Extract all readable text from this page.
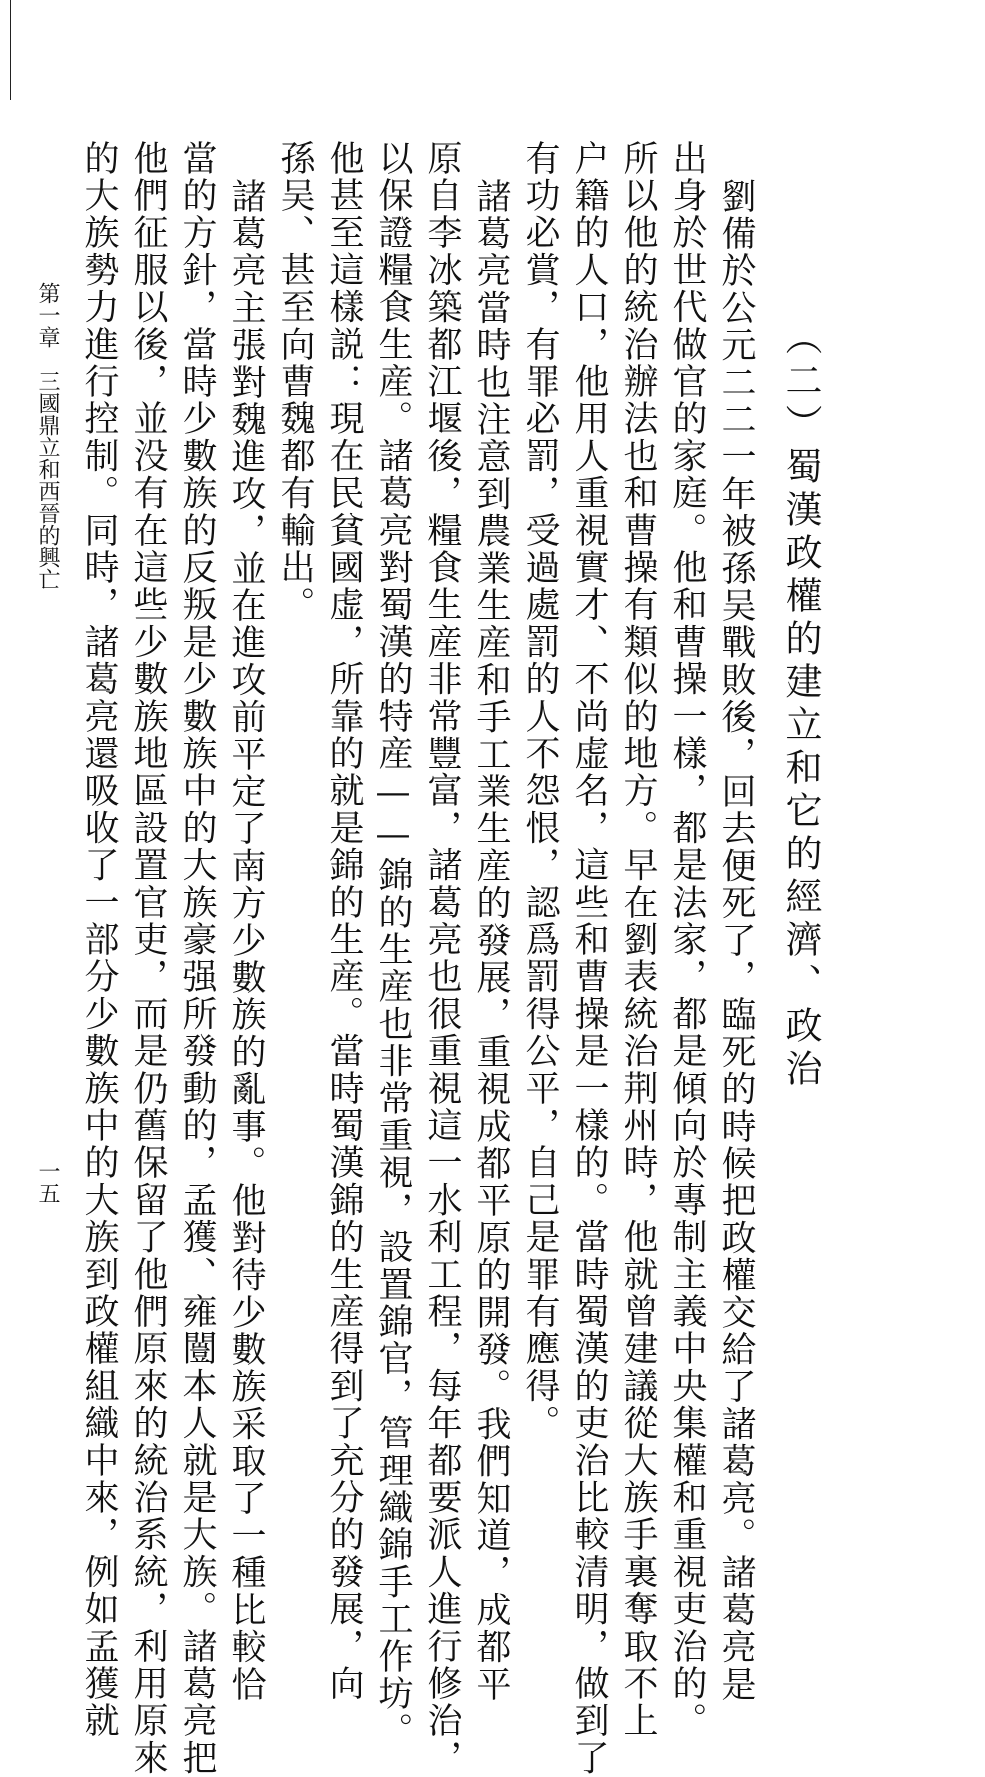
（二）蜀漢政權的建立和它的經濟、政治
劉備於公元二二一年被孫吴戰敗後，回去便死了，臨死的時候把政權交給了諸葛亮。諸葛亮是
出身於世代做官的家庭。他和曹操一樣，都是法家，都是傾向於專制主義中央集權和重視吏治的。
所以他的統治辦法也和曹操有類似的地方。早在劉表統治荆州時，他就曾建議從大族手裏奪取不上
户籍的人口，他用人重視實才、不尚虚名，這些和曹操是一樣的。當時蜀漢的吏治比較清明，做到了
有功必賞，有罪必罰，受過處罰的人不怨恨，認爲罰得公平，自己是罪有應得。
諸葛亮當時也注意到農業生産和手工業生産的發展，重視成都平原的開發。我們知道，成都平
原自李冰築都江堰後，糧食生産非常豐富，諸葛亮也很重視這一水利工程，每年都要派人進行修治，
以保證糧食生産。諸葛亮對蜀漢的特産——錦的生産也非常重視，設置錦官，管理織錦手工作坊。
他甚至這樣説：現在民貧國虚，所靠的就是錦的生産。當時蜀漢錦的生産得到了充分的發展，向
孫吴、甚至向曹魏都有輸出。
諸葛亮主張對魏進攻，並在進攻前平定了南方少數族的亂事。他對待少數族采取了一種比較恰
當的方針，當時少數族的反叛是少數族中的大族豪强所發動的，孟獲、雍闓本人就是大族。諸葛亮把
他們征服以後，並没有在這些少數族地區設置官吏，而是仍舊保留了他們原來的統治系統，利用原來
的大族勢力進行控制。同時，諸葛亮還吸收了一部分少數族中的大族到政權組織中來，例如孟獲就
第一章　三國鼎立和西晉的興亡
一五
